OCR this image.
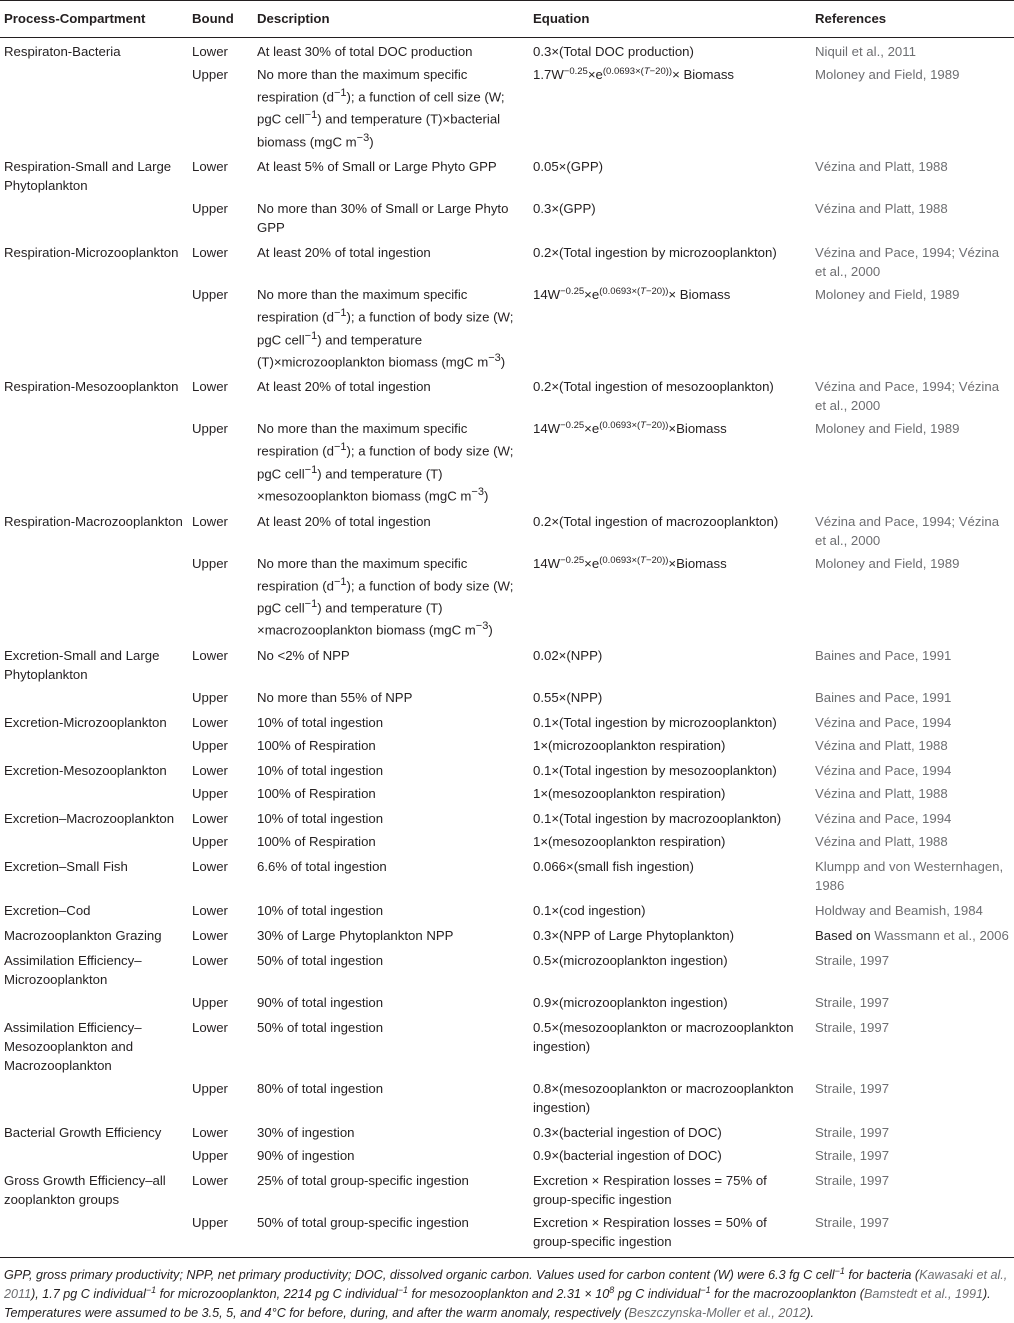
Process-Compartment	Bound	Description	Equation	References
Respiraton-Bacteria	Lower	At least 30% of total DOC production	0.3×(Total DOC production)	Niquil et al., 2011
	Upper	No more than the maximum specific respiration $(d^{-1})$; a function of cell size (W; pgC cell$^{-1}$) and temperature (T)×bacterial biomass (mgC $m^{-3}$)	$1.7W^{-0.25}\times e^{(0.0693\times(T-20))}\times$ Biomass	Moloney and Field, 1989
Respiration-Small and Large Phytoplankton	Lower	At least 5% of Small or Large Phyto GPP	0.05×(GPP)	Vézina and Platt, 1988
	Upper	No more than 30% of Small or Large Phyto GPP	0.3×(GPP)	Vézina and Platt, 1988
Respiration-Microzooplankton	Lower	At least 20% of total ingestion	0.2×(Total ingestion by microzooplankton)	Vézina and Pace, 1994; Vézina et al., 2000
	Upper	No more than the maximum specific respiration $(d^{-1})$; a function of body size (W; pgC cell$^{-1}$) and temperature (T)×microzooplankton biomass (mgC $m^{-3}$)	$14W^{-0.25}\times e^{(0.0693\times(T-20))}\times$ Biomass	Moloney and Field, 1989
Respiration-Mesozooplankton	Lower	At least 20% of total ingestion	0.2×(Total ingestion of mesozooplankton)	Vézina and Pace, 1994; Vézina et al., 2000
	Upper	No more than the maximum specific respiration $(d^{-1})$; a function of body size (W; pgC cell$^{-1}$) and temperature (T) ×mesozooplankton biomass (mgC $m^{-3}$)	$14W^{-0.25}\times e^{(0.0693\times(T-20))}\times Biomass$	Moloney and Field, 1989
Respiration-Macrozooplankton	Lower	At least 20% of total ingestion	0.2×(Total ingestion of macrozooplankton)	Vézina and Pace, 1994; Vézina et al., 2000
	Upper	No more than the maximum specific respiration $(d^{-1})$; a function of body size (W; pgC cell$^{-1}$) and temperature (T) ×macrozooplankton biomass (mgC $m^{-3}$)	$14W^{-0.25}\times e^{(0.0693\times(T-20))}\times Biomass$	Moloney and Field, 1989
Excretion-Small and Large Phytoplankton	Lower	No <2% of NPP	0.02×(NPP)	Baines and Pace, 1991
	Upper	No more than 55% of NPP	0.55×(NPP)	Baines and Pace, 1991
Excretion-Microzooplankton	Lower	10% of total ingestion	0.1×(Total ingestion by microzooplankton)	Vézina and Pace, 1994
	Upper	100% of Respiration	1×(microzooplankton respiration)	Vézina and Platt, 1988
Excretion-Mesozooplankton	Lower	10% of total ingestion	0.1×(Total ingestion by mesozooplankton)	Vézina and Pace, 1994
	Upper	100% of Respiration	1×(mesozooplankton respiration)	Vézina and Platt, 1988
Excretion–Macrozooplankton	Lower	10% of total ingestion	0.1×(Total ingestion by macrozooplankton)	Vézina and Pace, 1994
	Upper	100% of Respiration	1×(mesozooplankton respiration)	Vézina and Platt, 1988
Excretion–Small Fish	Lower	6.6% of total ingestion	0.066×(small fish ingestion)	Klumpp and von Westernhagen, 1986
Excretion–Cod	Lower	10% of total ingestion	0.1×(cod ingestion)	Holdway and Beamish, 1984
Macrozooplankton Grazing	Lower	30% of Large Phytoplankton NPP	0.3×(NPP of Large Phytoplankton)	Based on Wassmann et al., 2006
Assimilation Efficiency–Microzooplankton	Lower	50% of total ingestion	0.5×(microzooplankton ingestion)	Straile, 1997
	Upper	90% of total ingestion	0.9×(microzooplankton ingestion)	Straile, 1997
Assimilation Efficiency–Mesozooplankton and Macrozooplankton	Lower	50% of total ingestion	0.5×(mesozooplankton or macrozooplankton ingestion)	Straile, 1997
	Upper	80% of total ingestion	0.8×(mesozooplankton or macrozooplankton ingestion)	Straile, 1997
Bacterial Growth Efficiency	Lower	30% of ingestion	0.3×(bacterial ingestion of DOC)	Straile, 1997
	Upper	90% of ingestion	0.9×(bacterial ingestion of DOC)	Straile, 1997
Gross Growth Efficiency–all zooplankton groups	Lower	25% of total group-specific ingestion	Excretion × Respiration losses = 75% of group-specific ingestion	Straile, 1997
	Upper	50% of total group-specific ingestion	Excretion × Respiration losses = 50% of group-specific ingestion	Straile, 1997
GPP, gross primary productivity; NPP, net primary productivity; DOC, dissolved organic carbon. Values used for carbon content (W) were 6.3 fg C cell$^{-1}$ for bacteria (Kawasaki et al., 2011), 1.7 pg C individual$^{-1}$ for microzooplankton, 2214 pg C individual$^{-1}$ for mesozooplankton and $2.31 \times 10^8$ pg C individual$^{-1}$ for the macrozooplankton (Bamstedt et al., 1991). Temperatures were assumed to be 3.5, 5, and 4°C for before, during, and after the warm anomaly, respectively (Beszczynska-Moller et al., 2012).
